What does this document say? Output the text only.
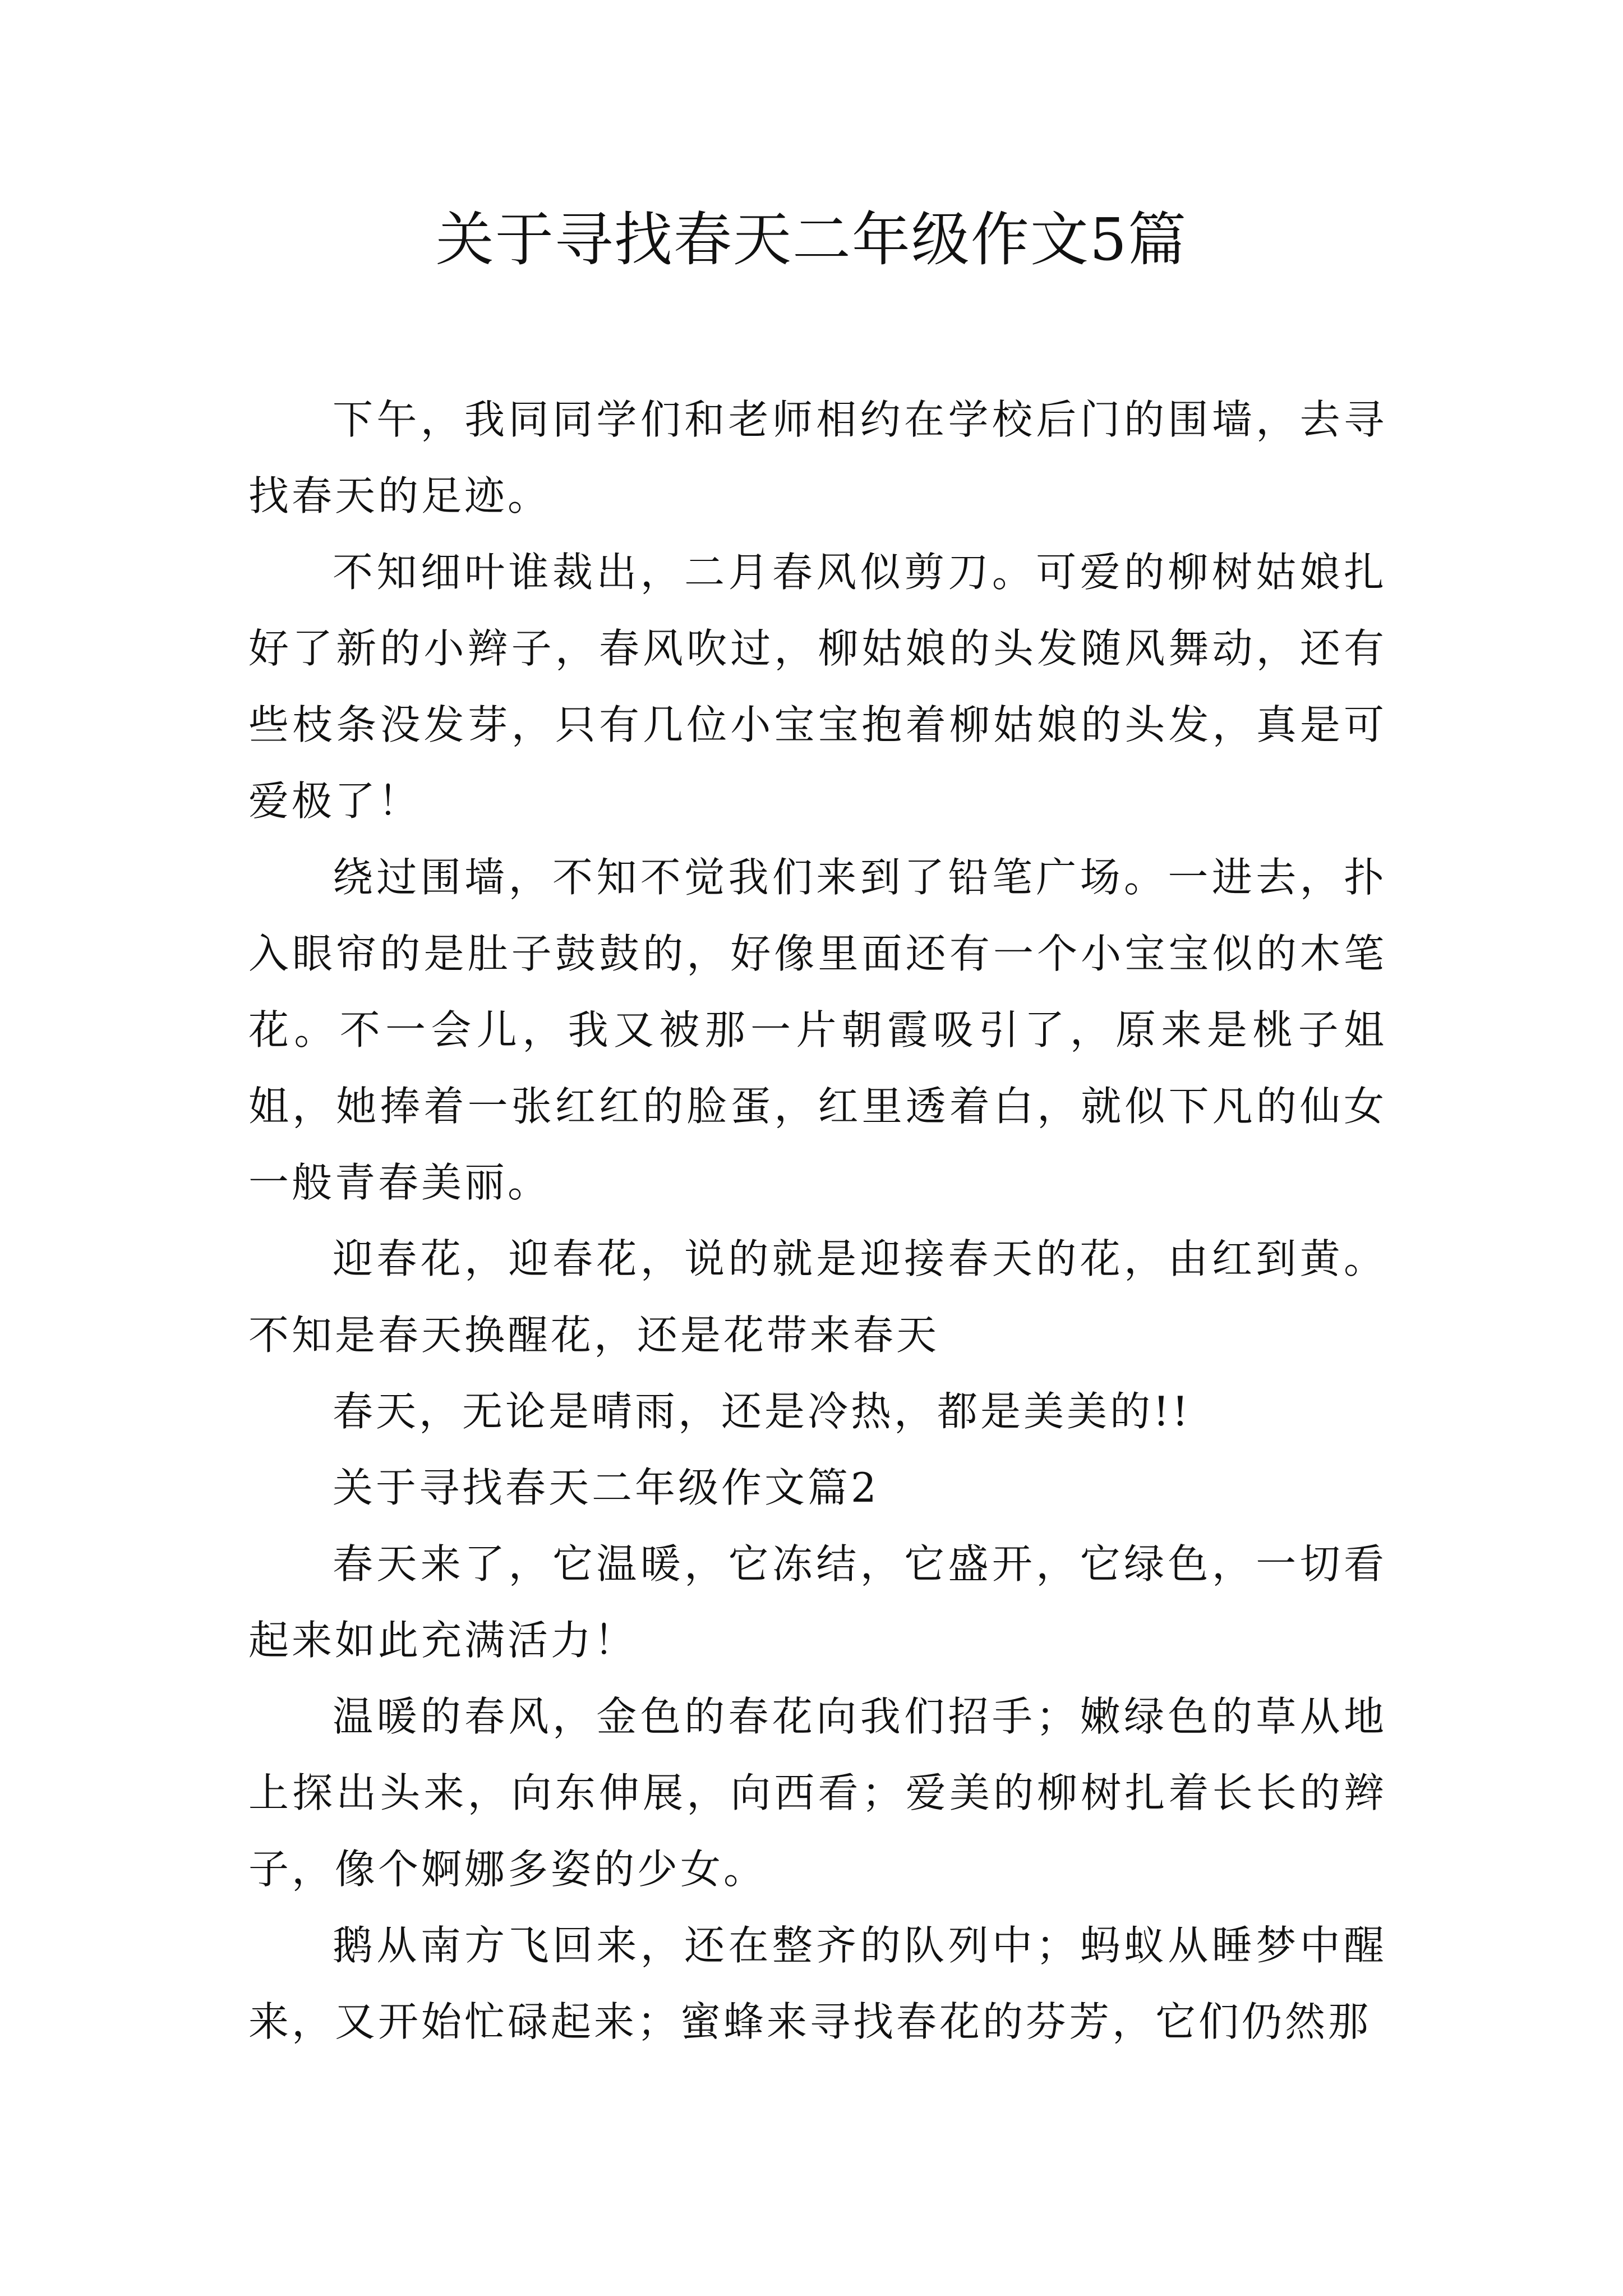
关于寻找春天二年级作文5篇

下午，我同同学们和老师相约在学校后门的围墙，去寻找春天的足迹。

不知细叶谁裁出，二月春风似剪刀。可爱的柳树姑娘扎好了新的小辫子，春风吹过，柳姑娘的头发随风舞动，还有些枝条没发芽，只有几位小宝宝抱着柳姑娘的头发，真是可爱极了！

绕过围墙，不知不觉我们来到了铅笔广场。一进去，扑入眼帘的是肚子鼓鼓的，好像里面还有一个小宝宝似的木笔花。不一会儿，我又被那一片朝霞吸引了，原来是桃子姐姐，她捧着一张红红的脸蛋，红里透着白，就似下凡的仙女一般青春美丽。

迎春花，迎春花，说的就是迎接春天的花，由红到黄。不知是春天换醒花，还是花带来春天

春天，无论是晴雨，还是冷热，都是美美的!!

关于寻找春天二年级作文篇2

春天来了，它温暖，它冻结，它盛开，它绿色，一切看起来如此充满活力！

温暖的春风，金色的春花向我们招手；嫩绿色的草从地上探出头来，向东伸展，向西看；爱美的柳树扎着长长的辫子，像个婀娜多姿的少女。

鹅从南方飞回来，还在整齐的队列中；蚂蚁从睡梦中醒来，又开始忙碌起来；蜜蜂来寻找春花的芬芳，它们仍然那
